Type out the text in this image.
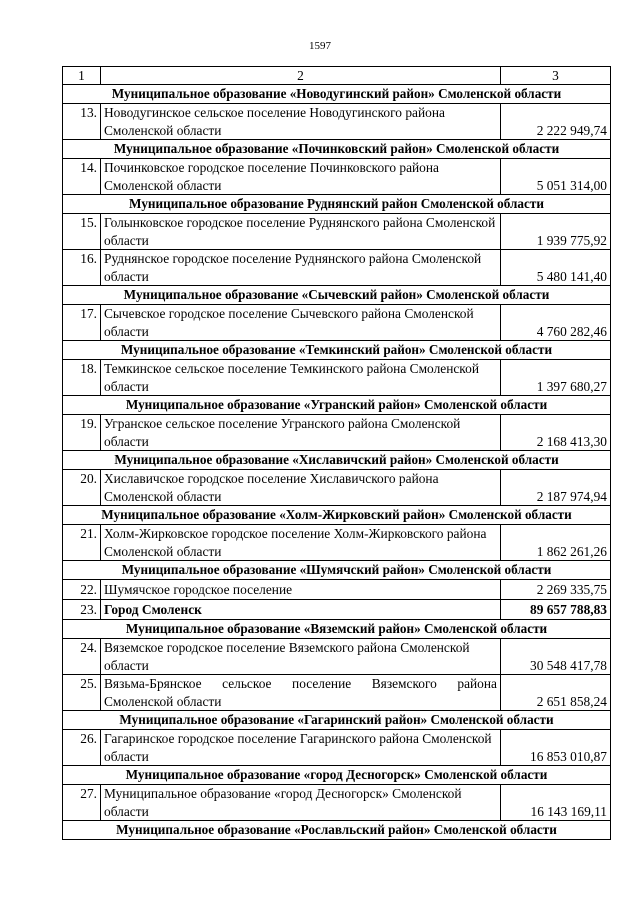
1597
1	2	3
Муниципальное образование «Новодугинский район» Смоленской области		
13.	Новодугинское сельское поселение Новодугинского района Смоленской области	2 222 949,74
Муниципальное образование «Починковский район» Смоленской области		
14.	Починковское городское поселение Починковского района Смоленской области	5 051 314,00
Муниципальное образование Руднянский район Смоленской области		
15.	Голынковское городское поселение Руднянского района Смоленской области	1 939 775,92
16.	Руднянское городское поселение Руднянского района Смоленской области	5 480 141,40
Муниципальное образование «Сычевский район» Смоленской области		
17.	Сычевское городское поселение Сычевского района Смоленской области	4 760 282,46
Муниципальное образование «Темкинский район» Смоленской области		
18.	Темкинское сельское поселение Темкинского района Смоленской области	1 397 680,27
Муниципальное образование «Угранский район» Смоленской области		
19.	Угранское сельское поселение Угранского района Смоленской области	2 168 413,30
Муниципальное образование «Хиславичский район» Смоленской области		
20.	Хиславичское городское поселение Хиславичского района Смоленской области	2 187 974,94
Муниципальное образование «Холм-Жирковский район» Смоленской области		
21.	Холм-Жирковское городское поселение Холм-Жирковского района Смоленской области	1 862 261,26
Муниципальное образование «Шумячский район» Смоленской области		
22.	Шумячское городское поселение	2 269 335,75
23.	Город Смоленск	89 657 788,83
Муниципальное образование «Вяземский район» Смоленской области		
24.	Вяземское городское поселение Вяземского района Смоленской области	30 548 417,78
25.	Вязьма-Брянское сельское поселение Вяземского района Смоленской области	2 651 858,24
Муниципальное образование «Гагаринский район» Смоленской области		
26.	Гагаринское городское поселение Гагаринского района Смоленской области	16 853 010,87
Муниципальное образование «город Десногорск» Смоленской области		
27.	Муниципальное образование «город Десногорск» Смоленской области	16 143 169,11
Муниципальное образование «Рославльский район» Смоленской области		
